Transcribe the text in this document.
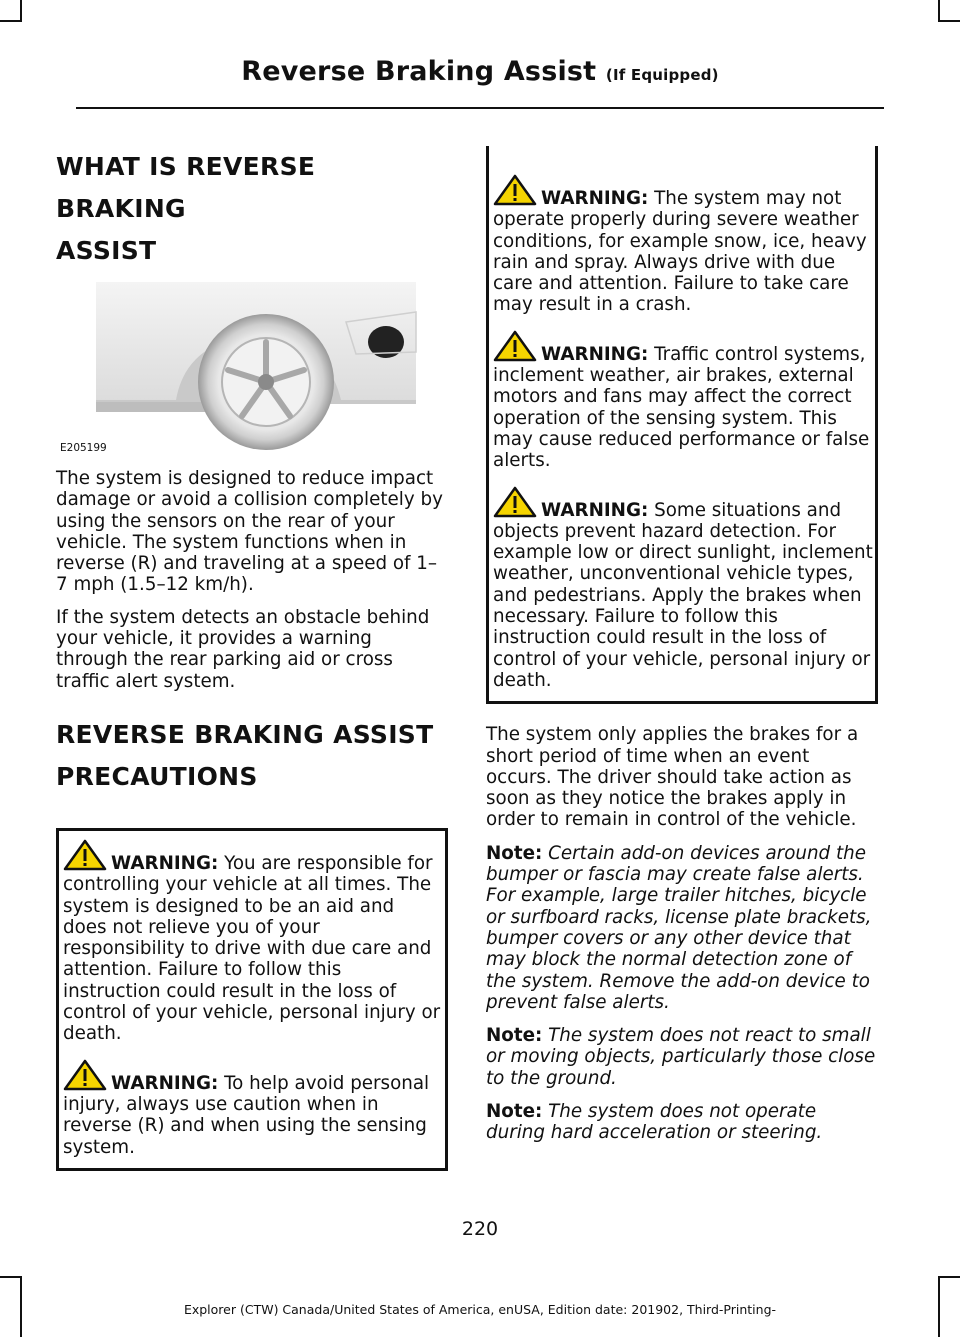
Reverse Braking Assist (If Equipped)
WHAT IS REVERSE BRAKING
ASSIST
E205199

The system is designed to reduce impact damage or avoid a collision completely by using the sensors on the rear of your vehicle. The system functions when in reverse (R) and traveling at a speed of 1–7 mph (1.5–12 km/h).

If the system detects an obstacle behind your vehicle, it provides a warning through the rear parking aid or cross traffic alert system.

REVERSE BRAKING ASSIST
PRECAUTIONS
WARNING: You are responsible for controlling your vehicle at all times. The system is designed to be an aid and does not relieve you of your responsibility to drive with due care and attention. Failure to follow this instruction could result in the loss of control of your vehicle, personal injury or death.
WARNING: To help avoid personal injury, always use caution when in reverse (R) and when using the sensing system.
WARNING: The system may not operate properly during severe weather conditions, for example snow, ice, heavy rain and spray. Always drive with due care and attention. Failure to take care may result in a crash.
WARNING: Traffic control systems, inclement weather, air brakes, external motors and fans may affect the correct operation of the sensing system. This may cause reduced performance or false alerts.
WARNING: Some situations and objects prevent hazard detection. For example low or direct sunlight, inclement weather, unconventional vehicle types, and pedestrians. Apply the brakes when necessary. Failure to follow this instruction could result in the loss of control of your vehicle, personal injury or death.

The system only applies the brakes for a short period of time when an event occurs. The driver should take action as soon as they notice the brakes apply in order to remain in control of the vehicle.

Note: Certain add-on devices around the bumper or fascia may create false alerts. For example, large trailer hitches, bicycle or surfboard racks, license plate brackets, bumper covers or any other device that may block the normal detection zone of the system. Remove the add-on device to prevent false alerts.
Note: The system does not react to small or moving objects, particularly those close to the ground.
Note: The system does not operate during hard acceleration or steering.
220
Explorer (CTW) Canada/United States of America, enUSA, Edition date: 201902, Third-Printing-
